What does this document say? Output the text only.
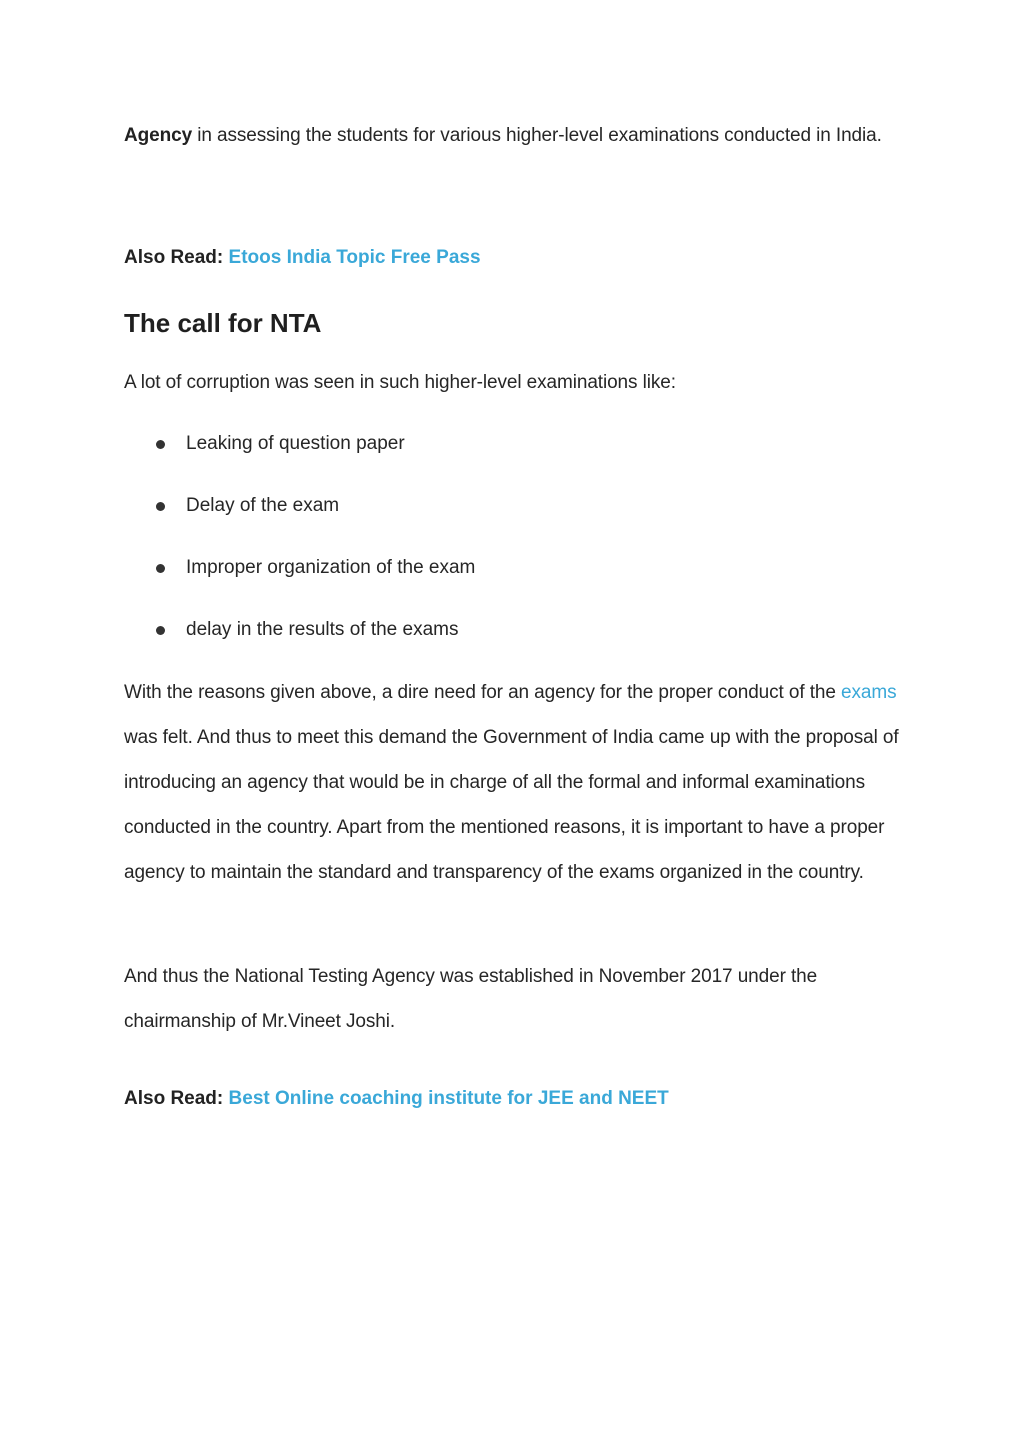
Agency in assessing the students for various higher-level examinations conducted in India.

Also Read: Etoos India Topic Free Pass

The call for NTA

A lot of corruption was seen in such higher-level examinations like:

Leaking of question paper
Delay of the exam
Improper organization of the exam
delay in the results of the exams

With the reasons given above, a dire need for an agency for the proper conduct of the exams was felt. And thus to meet this demand the Government of India came up with the proposal of introducing an agency that would be in charge of all the formal and informal examinations conducted in the country. Apart from the mentioned reasons, it is important to have a proper agency to maintain the standard and transparency of the exams organized in the country.

And thus the National Testing Agency was established in November 2017 under the chairmanship of Mr.Vineet Joshi.

Also Read: Best Online coaching institute for JEE and NEET
